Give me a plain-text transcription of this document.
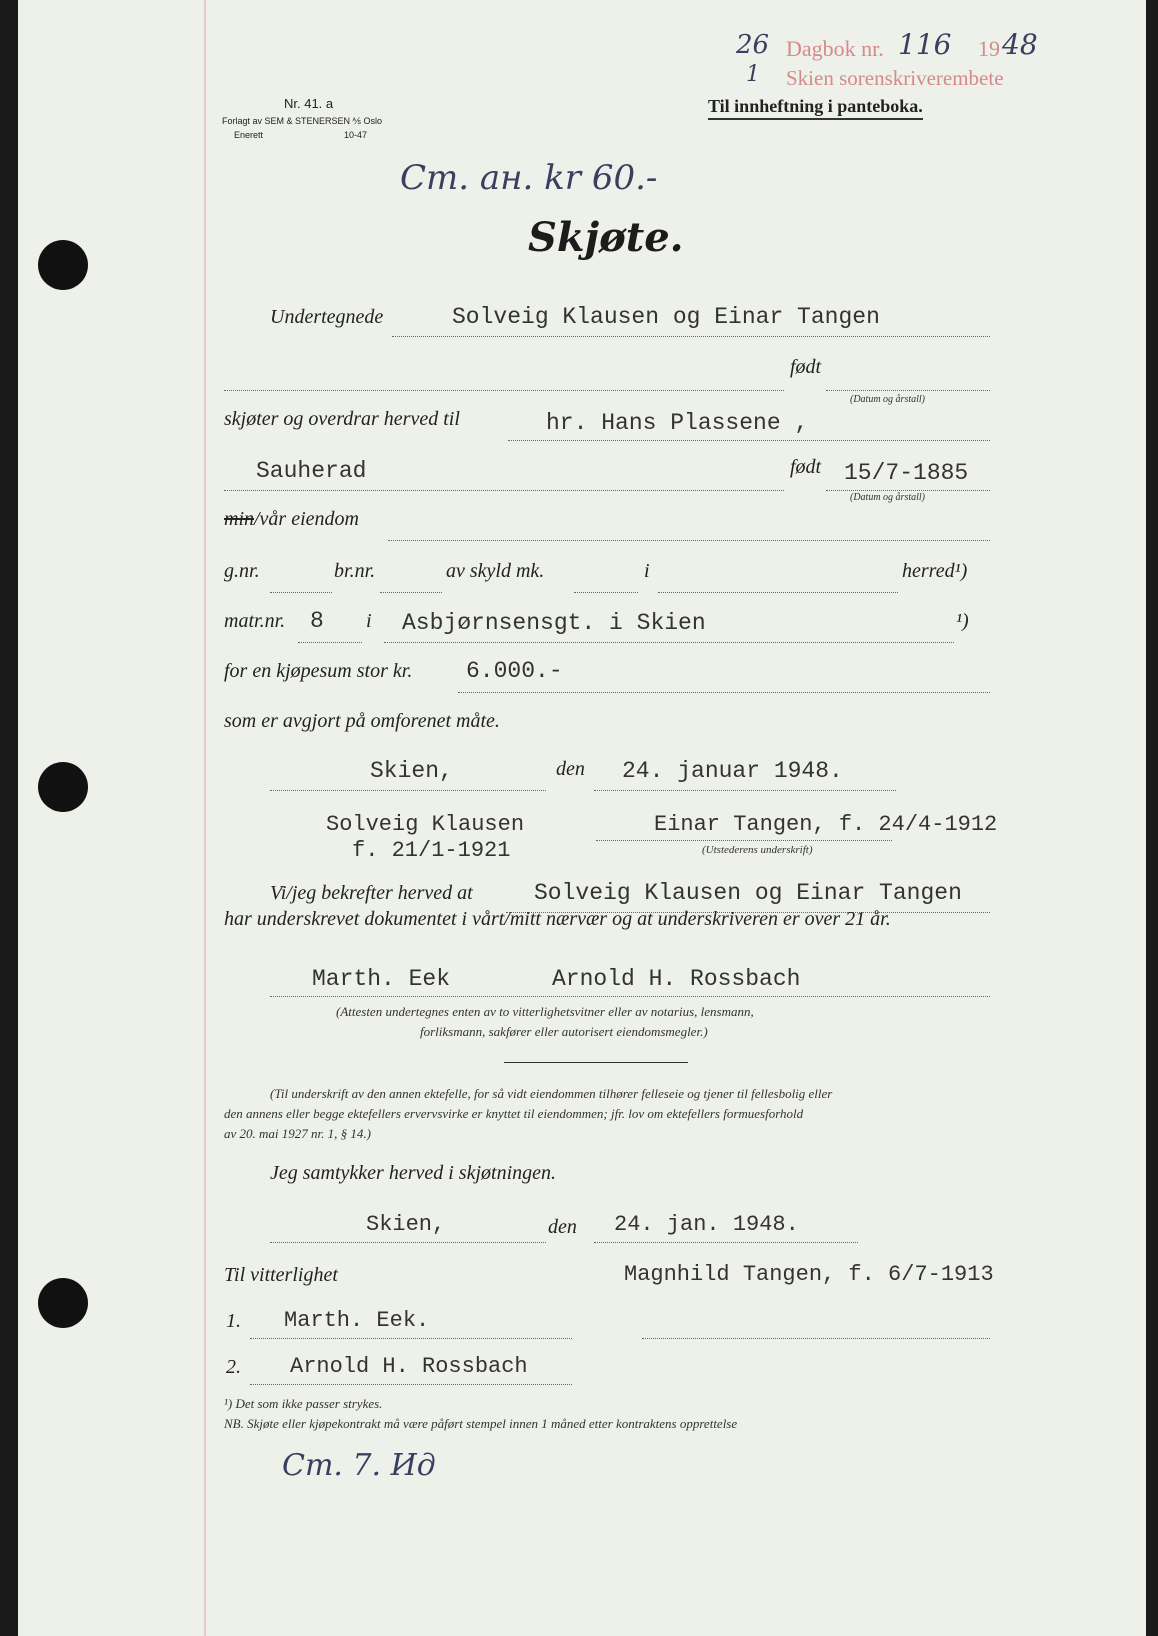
26
1
Dagbok nr. 116 19 48
Skien sorenskriverembete
Nr. 41. a
Forlagt av SEM & STENERSEN ⅍ Oslo
Enerett	10-47
Til innheftning i panteboka.
Ст. ан. kr 60.-
Skjøte.
Undertegnede	Solveig Klausen og Einar Tangen
født
(Datum og årstall)
skjøter og overdrar herved til	hr. Hans Plassene ,
Sauherad	født 15/7-1885
(Datum og årstall)
min/vår eiendom
g.nr.	br.nr.	av skyld mk.	i	herred¹)
matr.nr. 8 i Asbjørnsensgt. i Skien	¹)
for en kjøpesum stor kr. 6.000.-
som er avgjort på omforenet måte.
Skien,	den 24. januar 1948.
Solveig Klausen
f. 21/1-1921
Einar Tangen, f. 24/4-1912
(Utstederens underskrift)
Vi/jeg bekrefter herved at	Solveig Klausen og Einar Tangen
har underskrevet dokumentet i vårt/mitt nærvær og at underskriveren er over 21 år.
Marth. Eek	Arnold H. Rossbach
(Attesten undertegnes enten av to vitterlighetsvitner eller av notarius, lensmann,
forliksmann, sakfører eller autorisert eiendomsmegler.)
(Til underskrift av den annen ektefelle, for så vidt eiendommen tilhører felleseie og tjener til fellesbolig eller
den annens eller begge ektefellers ervervsvirke er knyttet til eiendommen; jfr. lov om ektefellers formuesforhold
av 20. mai 1927 nr. 1, § 14.)
Jeg samtykker herved i skjøtningen.
Skien,	den 24. jan. 1948.
Til vitterlighet	Magnhild Tangen, f. 6/7-1913
1. Marth. Eek.
2. Arnold H. Rossbach
¹) Det som ikke passer strykes.
NB. Skjøte eller kjøpekontrakt må være påført stempel innen 1 måned etter kontraktens opprettelse
Ст. 7. Ид
